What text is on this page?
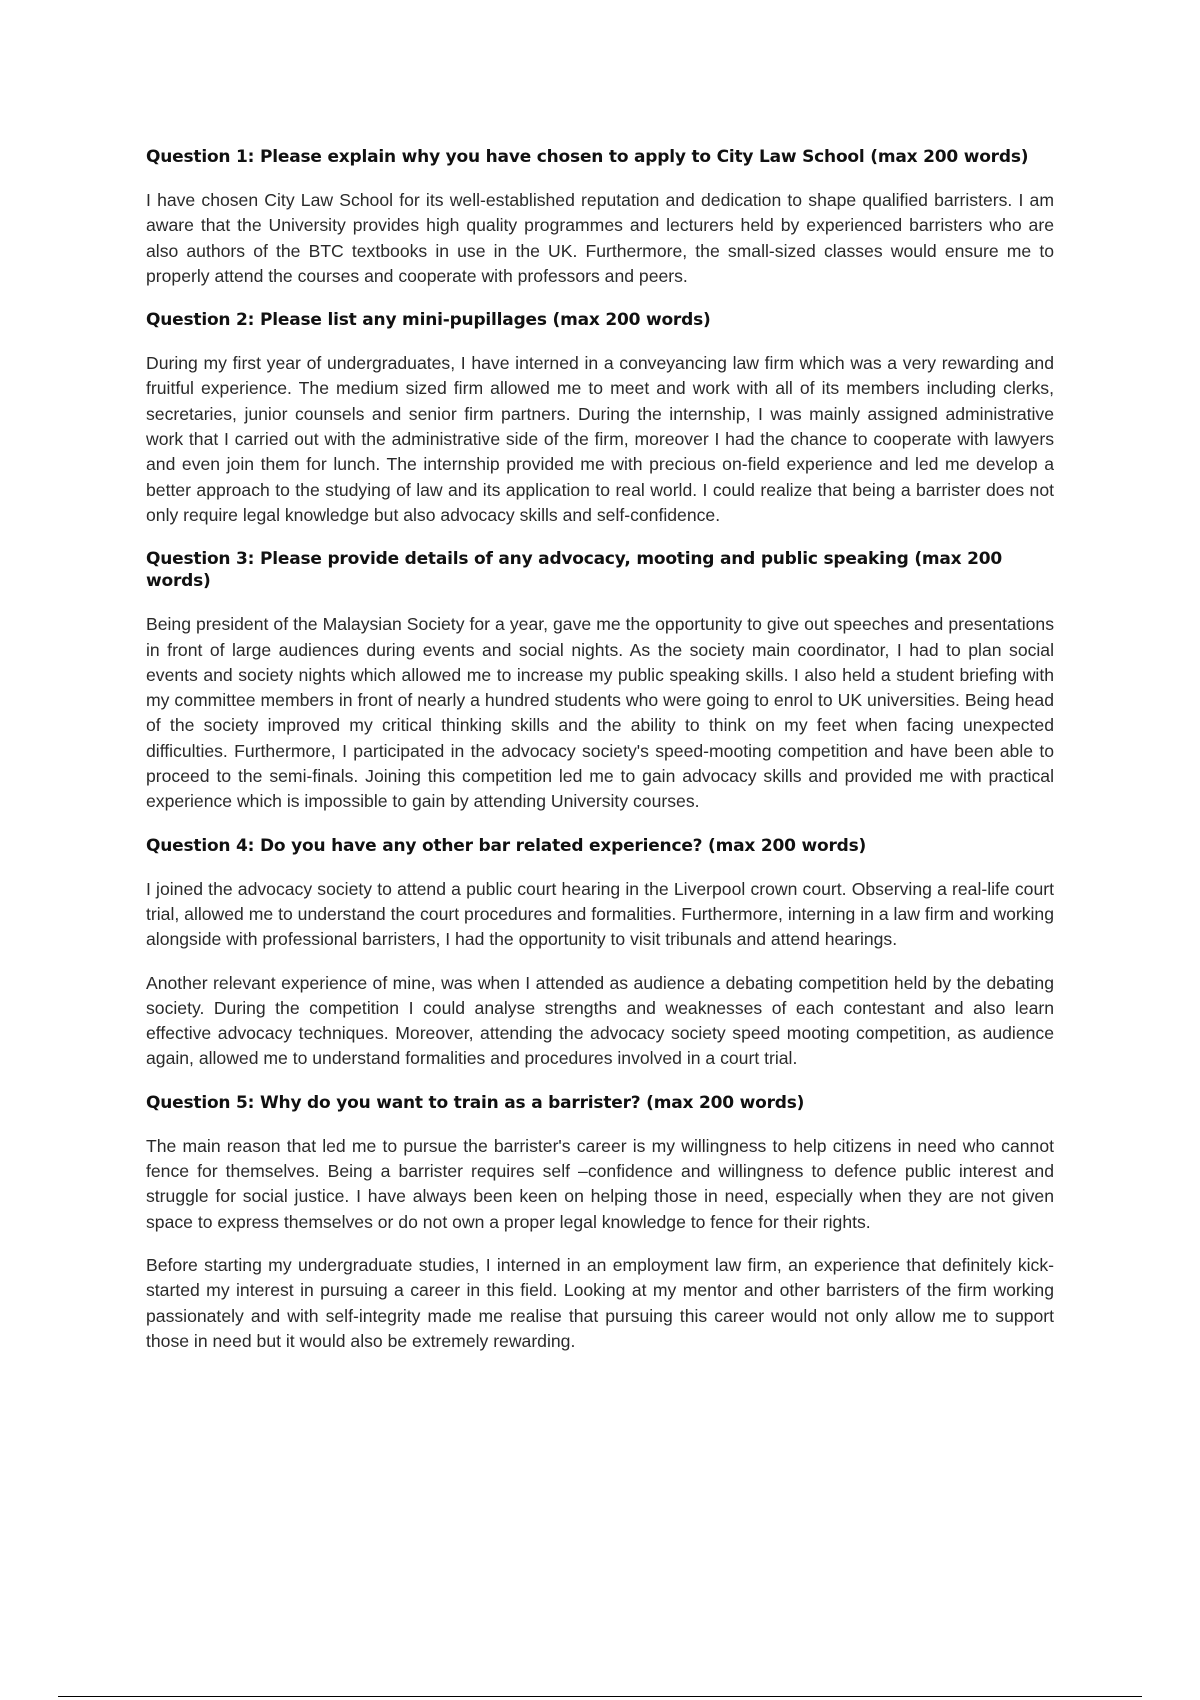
Question 1: Please explain why you have chosen to apply to City Law School (max 200 words)

I have chosen City Law School for its well-established reputation and dedication to shape qualified barristers. I am aware that the University provides high quality programmes and lecturers held by experienced barristers who are also authors of the BTC textbooks in use in the UK. Furthermore, the small-sized classes would ensure me to properly attend the courses and cooperate with professors and peers.

Question 2: Please list any mini-pupillages (max 200 words)

During my first year of undergraduates, I have interned in a conveyancing law firm which was a very rewarding and fruitful experience. The medium sized firm allowed me to meet and work with all of its members including clerks, secretaries, junior counsels and senior firm partners. During the internship, I was mainly assigned administrative work that I carried out with the administrative side of the firm, moreover I had the chance to cooperate with lawyers and even join them for lunch. The internship provided me with precious on-field experience and led me develop a better approach to the studying of law and its application to real world. I could realize that being a barrister does not only require legal knowledge but also advocacy skills and self-confidence.

Question 3: Please provide details of any advocacy, mooting and public speaking (max 200 words)

Being president of the Malaysian Society for a year, gave me the opportunity to give out speeches and presentations in front of large audiences during events and social nights. As the society main coordinator, I had to plan social events and society nights which allowed me to increase my public speaking skills. I also held a student briefing with my committee members in front of nearly a hundred students who were going to enrol to UK universities. Being head of the society improved my critical thinking skills and the ability to think on my feet when facing unexpected difficulties. Furthermore, I participated in the advocacy society's speed-mooting competition and have been able to proceed to the semi-finals. Joining this competition led me to gain advocacy skills and provided me with practical experience which is impossible to gain by attending University courses.

Question 4: Do you have any other bar related experience? (max 200 words)

I joined the advocacy society to attend a public court hearing in the Liverpool crown court. Observing a real-life court trial, allowed me to understand the court procedures and formalities. Furthermore, interning in a law firm and working alongside with professional barristers, I had the opportunity to visit tribunals and attend hearings.

Another relevant experience of mine, was when I attended as audience a debating competition held by the debating society. During the competition I could analyse strengths and weaknesses of each contestant and also learn effective advocacy techniques. Moreover, attending the advocacy society speed mooting competition, as audience again, allowed me to understand formalities and procedures involved in a court trial.

Question 5: Why do you want to train as a barrister? (max 200 words)

The main reason that led me to pursue the barrister's career is my willingness to help citizens in need who cannot fence for themselves. Being a barrister requires self –confidence and willingness to defence public interest and struggle for social justice. I have always been keen on helping those in need, especially when they are not given space to express themselves or do not own a proper legal knowledge to fence for their rights.

Before starting my undergraduate studies, I interned in an employment law firm, an experience that definitely kick-started my interest in pursuing a career in this field. Looking at my mentor and other barristers of the firm working passionately and with self-integrity made me realise that pursuing this career would not only allow me to support those in need but it would also be extremely rewarding.
